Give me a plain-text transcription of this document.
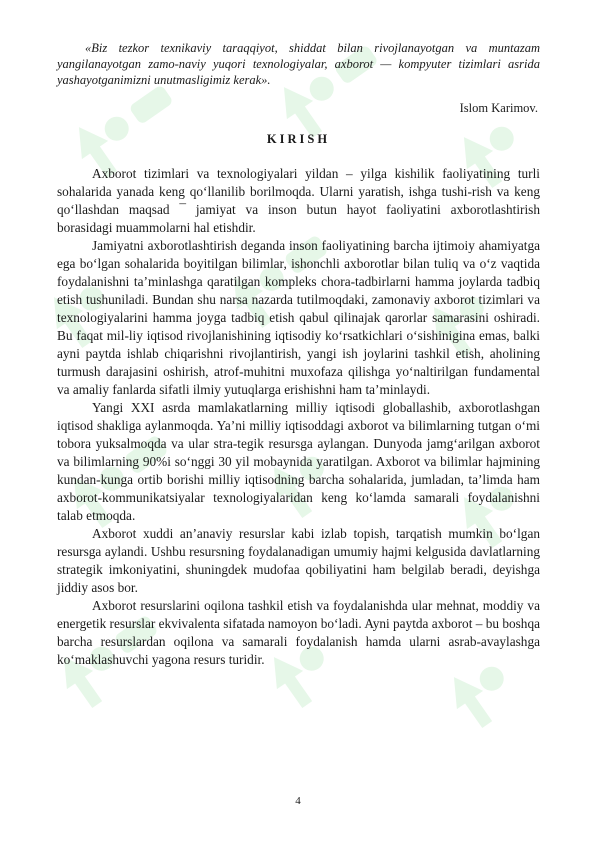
«Biz tezkor texnikaviy taraqqiyot, shiddat bilan rivojlanayotgan va muntazam yangilanayotgan zamo-naviy yuqori texnologiyalar, axborot — kompyuter tizimlari asrida yashayotganimizni unutmasligimiz kerak».

Islom Karimov.

KIRISH

Axborot tizimlari va texnologiyalari yildan – yilga kishilik faoliyatining turli sohalarida yanada keng qo‘llanilib borilmoqda. Ularni yaratish, ishga tushi-rish va keng qo‘llashdan maqsad ¯ jamiyat va inson butun hayot faoliyatini axborotlashtirish borasidagi muammolarni hal etishdir.

Jamiyatni axborotlashtirish deganda inson faoliyatining barcha ijtimoiy ahamiyatga ega bo‘lgan sohalarida boyitilgan bilimlar, ishonchli axborotlar bilan tuliq va o‘z vaqtida foydalanishni ta’minlashga qaratilgan kompleks chora-tadbirlarni hamma joylarda tadbiq etish tushuniladi. Bundan shu narsa nazarda tutilmoqdaki, zamonaviy axborot tizimlari va texnologiyalarini hamma joyga tadbiq etish qabul qilinajak qarorlar samarasini oshiradi. Bu faqat mil-liy iqtisod rivojlanishining iqtisodiy ko‘rsatkichlari o‘sishinigina emas, balki ayni paytda ishlab chiqarishni rivojlantirish, yangi ish joylarini tashkil etish, aholining turmush darajasini oshirish, atrof-muhitni muxofaza qilishga yo‘naltirilgan fundamental va amaliy fanlarda sifatli ilmiy yutuqlarga erishishni ham ta’minlaydi.

Yangi XXI asrda mamlakatlarning milliy iqtisodi globallashib, axborotlashgan iqtisod shakliga aylanmoqda. Ya’ni milliy iqtisoddagi axborot va bilimlarning tutgan o‘mi tobora yuksalmoqda va ular stra-tegik resursga aylangan. Dunyoda jamg‘arilgan axborot va bilimlarning 90%i so‘nggi 30 yil mobaynida yaratilgan. Axborot va bilimlar hajmining kundan-kunga ortib borishi milliy iqtisodning barcha sohalarida, jumladan, ta’limda ham axborot-kommunikatsiyalar texnologiyalaridan keng ko‘lamda samarali foydalanishni talab etmoqda.

Axborot xuddi an’anaviy resurslar kabi izlab topish, tarqatish mumkin bo‘lgan resursga aylandi. Ushbu resursning foydalanadigan umumiy hajmi kelgusida davlatlarning strategik imkoniyatini, shuningdek mudofaa qobiliyatini ham belgilab beradi, deyishga jiddiy asos bor.

Axborot resurslarini oqilona tashkil etish va foydalanishda ular mehnat, moddiy va energetik resurslar ekvivalenta sifatada namoyon bo‘ladi. Ayni paytda axborot – bu boshqa barcha resurslardan oqilona va samarali foydalanish hamda ularni asrab-avaylashga ko‘maklashuvchi yagona resurs turidir.

4
